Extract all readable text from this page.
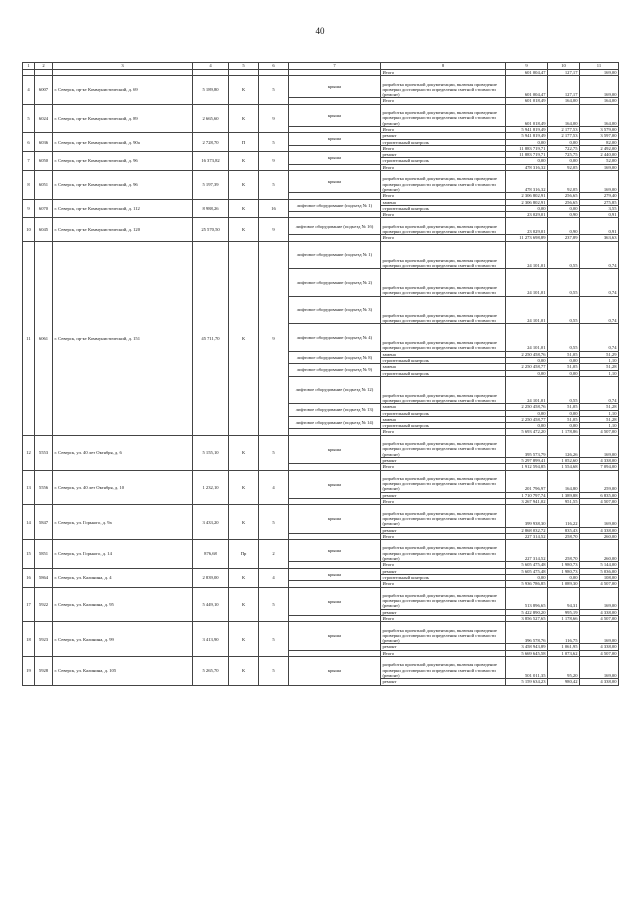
40
1	2	3	4	5	6	7	8	9	10	11
							Итого	601 004,47	127,17	169,00
4	6007	г. Северск, пр-кт Коммунистический, д. 69	5 189,80	К	5	крыша	разработка проектной документации, включая проведение проверки достоверности определения сметной стоимости (ремонт)	601 004,47	127,17	169,00
							Итого	601 018,49	164,00	164,00
5	6024	г. Северск, пр-кт Коммунистический, д. 89	2 665,60	К	9	крыша	разработка проектной документации, включая проведение проверки достоверности определения сметной стоимости (ремонт)	601 018,49	164,00	164,00
							Итого	5 941 819,49	2 177,53	3 579,00
6	6036	г. Северск, пр-кт Коммунистический, д. 90а	2 728,70	П	5	крыша	ремонт	5 941 819,49	2 177,53	3 597,00
							строительный контроль	0,00	0,00	82,00
							Итого	11 883 719,71	722,75	2 492,00
7	6050	г. Северск, пр-кт Коммунистический, д. 96	16 373,82	К	9	крыша	ремонт	11 883 719,71	725,75	2 440,00
							строительный контроль	0,00	0,00	52,00
							Итого	478 316,32	92,05	169,00
8	6051	г. Северск, пр-кт Коммунистический, д. 96	5 197,39	К	5	крыша	разработка проектной документации, включая проведение проверки достоверности определения сметной стоимости (ремонт)	478 316,32	92,05	169,00
							Итого	2 306 802,91	256,65	279,40
9	6070	г. Северск, пр-кт Коммунистический, д. 112	8 988,26	К	16	лифтовое оборудование (подъезд № 1)	замена	2 306 802,91	256,65	275,85
							строительный контроль	0,00	0,00	3,55
							Итого	23 029,01	0,90	0,91
10	6045	г. Северск, пр-кт Коммунистический, д. 120	25 570,50	К	9	лифтовое оборудование (подъезд № 1б)	разработка проектной документации, включая проведение проверки достоверности определения сметной стоимости	23 029,01	0,90	0,91
							Итого	11 273 698,89	237,89	363,63
11	6061	г. Северск, пр-кт Коммунистический, д. 151	45 711,70	К	9	лифтовое оборудование (подъезд № 1)	разработка проектной документации, включая проведение проверки достоверности определения сметной стоимости	24 101,01	0,55	0,74
						лифтовое оборудование (подъезд № 2)	разработка проектной документации, включая проведение проверки достоверности определения сметной стоимости	24 101,01	0,55	0,74
						лифтовое оборудование (подъезд № 3)	разработка проектной документации, включая проведение проверки достоверности определения сметной стоимости	24 101,01	0,55	0,74
						лифтовое оборудование (подъезд № 4)	разработка проектной документации, включая проведение проверки достоверности определения сметной стоимости	24 101,01	0,55	0,74
						лифтовое оборудование (подъезд № 8)	замена	2 250 458,76	51,05	51,29
							строительный контроль	0,00	0,00	1,10
						лифтовое оборудование (подъезд № 9)	замена	2 250 458,77	51,05	51,28
							строительный контроль	0,00	0,00	1,10
						лифтовое оборудование (подъезд № 12)	разработка проектной документации, включая проведение проверки достоверности определения сметной стоимости	24 101,01	0,55	0,74
						лифтовое оборудование (подъезд № 13)	замена	2 250 458,76	51,05	51,28
							строительный контроль	0,00	0,00	1,10
						лифтовое оборудование (подъезд № 14)	замена	2 250 458,77	51,05	51,28
							строительный контроль	0,00	0,00	1,10
							Итого	5 693 472,20	1 178,86	4 507,00
12	5553	г. Северск, ул. 40 лет Октября, д. 6	5 155,10	К	5	крыша	разработка проектной документации, включая проведение проверки достоверности определения сметной стоимости (ремонт)	395 573,79	126,26	169,00
							ремонт	5 297 899,41	1 052,60	4 338,00
							Итого	1 912 594,85	1 554,68	7 094,00
13	5556	г. Северск, ул. 40 лет Октября, д. 10	1 232,10	К	4	крыша	разработка проектной документации, включая проведение проверки достоверности определения сметной стоимости (ремонт)	201 796,97	164,80	259,00
							ремонт	1 710 797,74	1 389,88	6 835,00
							Итого	3 267 941,02	951,55	4 507,00
14	5847	г. Северск, ул. Горького, д. 9а	3 433,20	К	5	крыша	разработка проектной документации, включая проведение проверки достоверности определения сметной стоимости (ремонт)	399 938,30	116,22	169,00
							ремонт	2 868 032,72	835,43	4 338,00
							Итого	227 314,52	258,70	260,00
15	5851	г. Северск, ул. Горького, д. 14	876,68	Пр	2	крыша	разработка проектной документации, включая проведение проверки достоверности определения сметной стоимости (ремонт)	227 314,52	258,70	260,00
							Итого	5 605 475,48	1 980,73	5 144,00
16	5864	г. Северск, ул. Калинина, д. 4	2 839,00	К	4	крыша	ремонт	5 605 475,48	1 980,73	5 036,00
							строительный контроль	0,00	0,00	108,00
							Итого	5 936 786,85	1 089,30	4 507,00
17	5922	г. Северск, ул. Калинина, д. 95	5 449,10	К	5	крыша	разработка проектной документации, включая проведение проверки достоверности определения сметной стоимости (ремонт)	513 896,65	94,31	169,00
							ремонт	5 422 890,20	995,19	4 338,00
							Итого	3 856 527,65	1 178,66	4 507,00
18	5923	г. Северск, ул. Калинина, д. 99	3 413,90	К	5	крыша	разработка проектной документации, включая проведение проверки достоверности определения сметной стоимости (ремонт)	396 578,76	116,75	169,00
							ремонт	3 458 943,89	1 061,95	4 338,00
							Итого	5 669 645,58	1 073,62	4 507,00
19	5928	г. Северск, ул. Калинина, д. 105	5 265,70	К	5	крыша	разработка проектной документации, включая проведение проверки достоверности определения сметной стоимости (ремонт)	501 011,35	95,20	169,00
							ремонт	5 159 634,23	980,42	4 338,00
